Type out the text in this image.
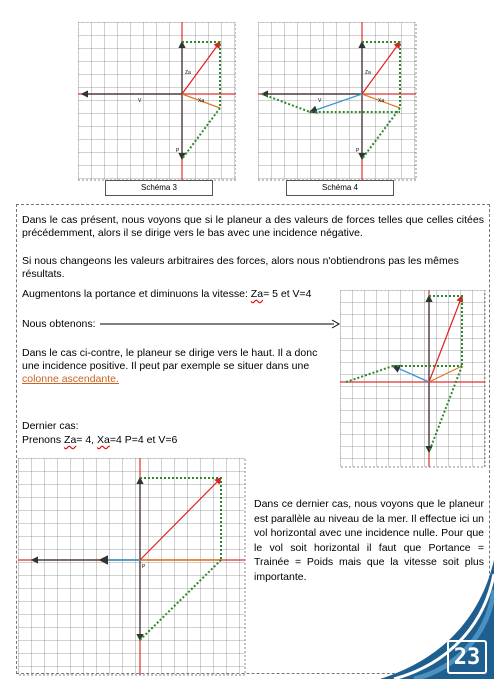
Za
Xa
V
P
Schéma 3
Za
Xa
V
P
Schéma 4
Dans le cas présent, nous voyons que si le planeur a des valeurs de forces telles que celles citées précédemment, alors il se dirige vers le bas avec une incidence négative.
Si nous changeons les valeurs arbitraires des forces, alors nous n'obtiendrons pas les mêmes résultats.
Augmentons la portance et diminuons la vitesse: Za= 5 et V=4
Nous obtenons:
Dans le cas ci-contre, le planeur se dirige vers le haut. Il a donc une incidence positive. Il peut par exemple se situer dans une colonne ascendante.
Dernier cas:
Prenons Za= 4, Xa=4 P=4 et V=6
P
Dans ce dernier cas, nous voyons que le planeur est parallèle au niveau de la mer. Il effectue ici un vol horizontal avec une incidence nulle. Pour que le vol soit horizontal il faut que Portance = Trainée = Poids mais que la vitesse soit plus importante.
23
